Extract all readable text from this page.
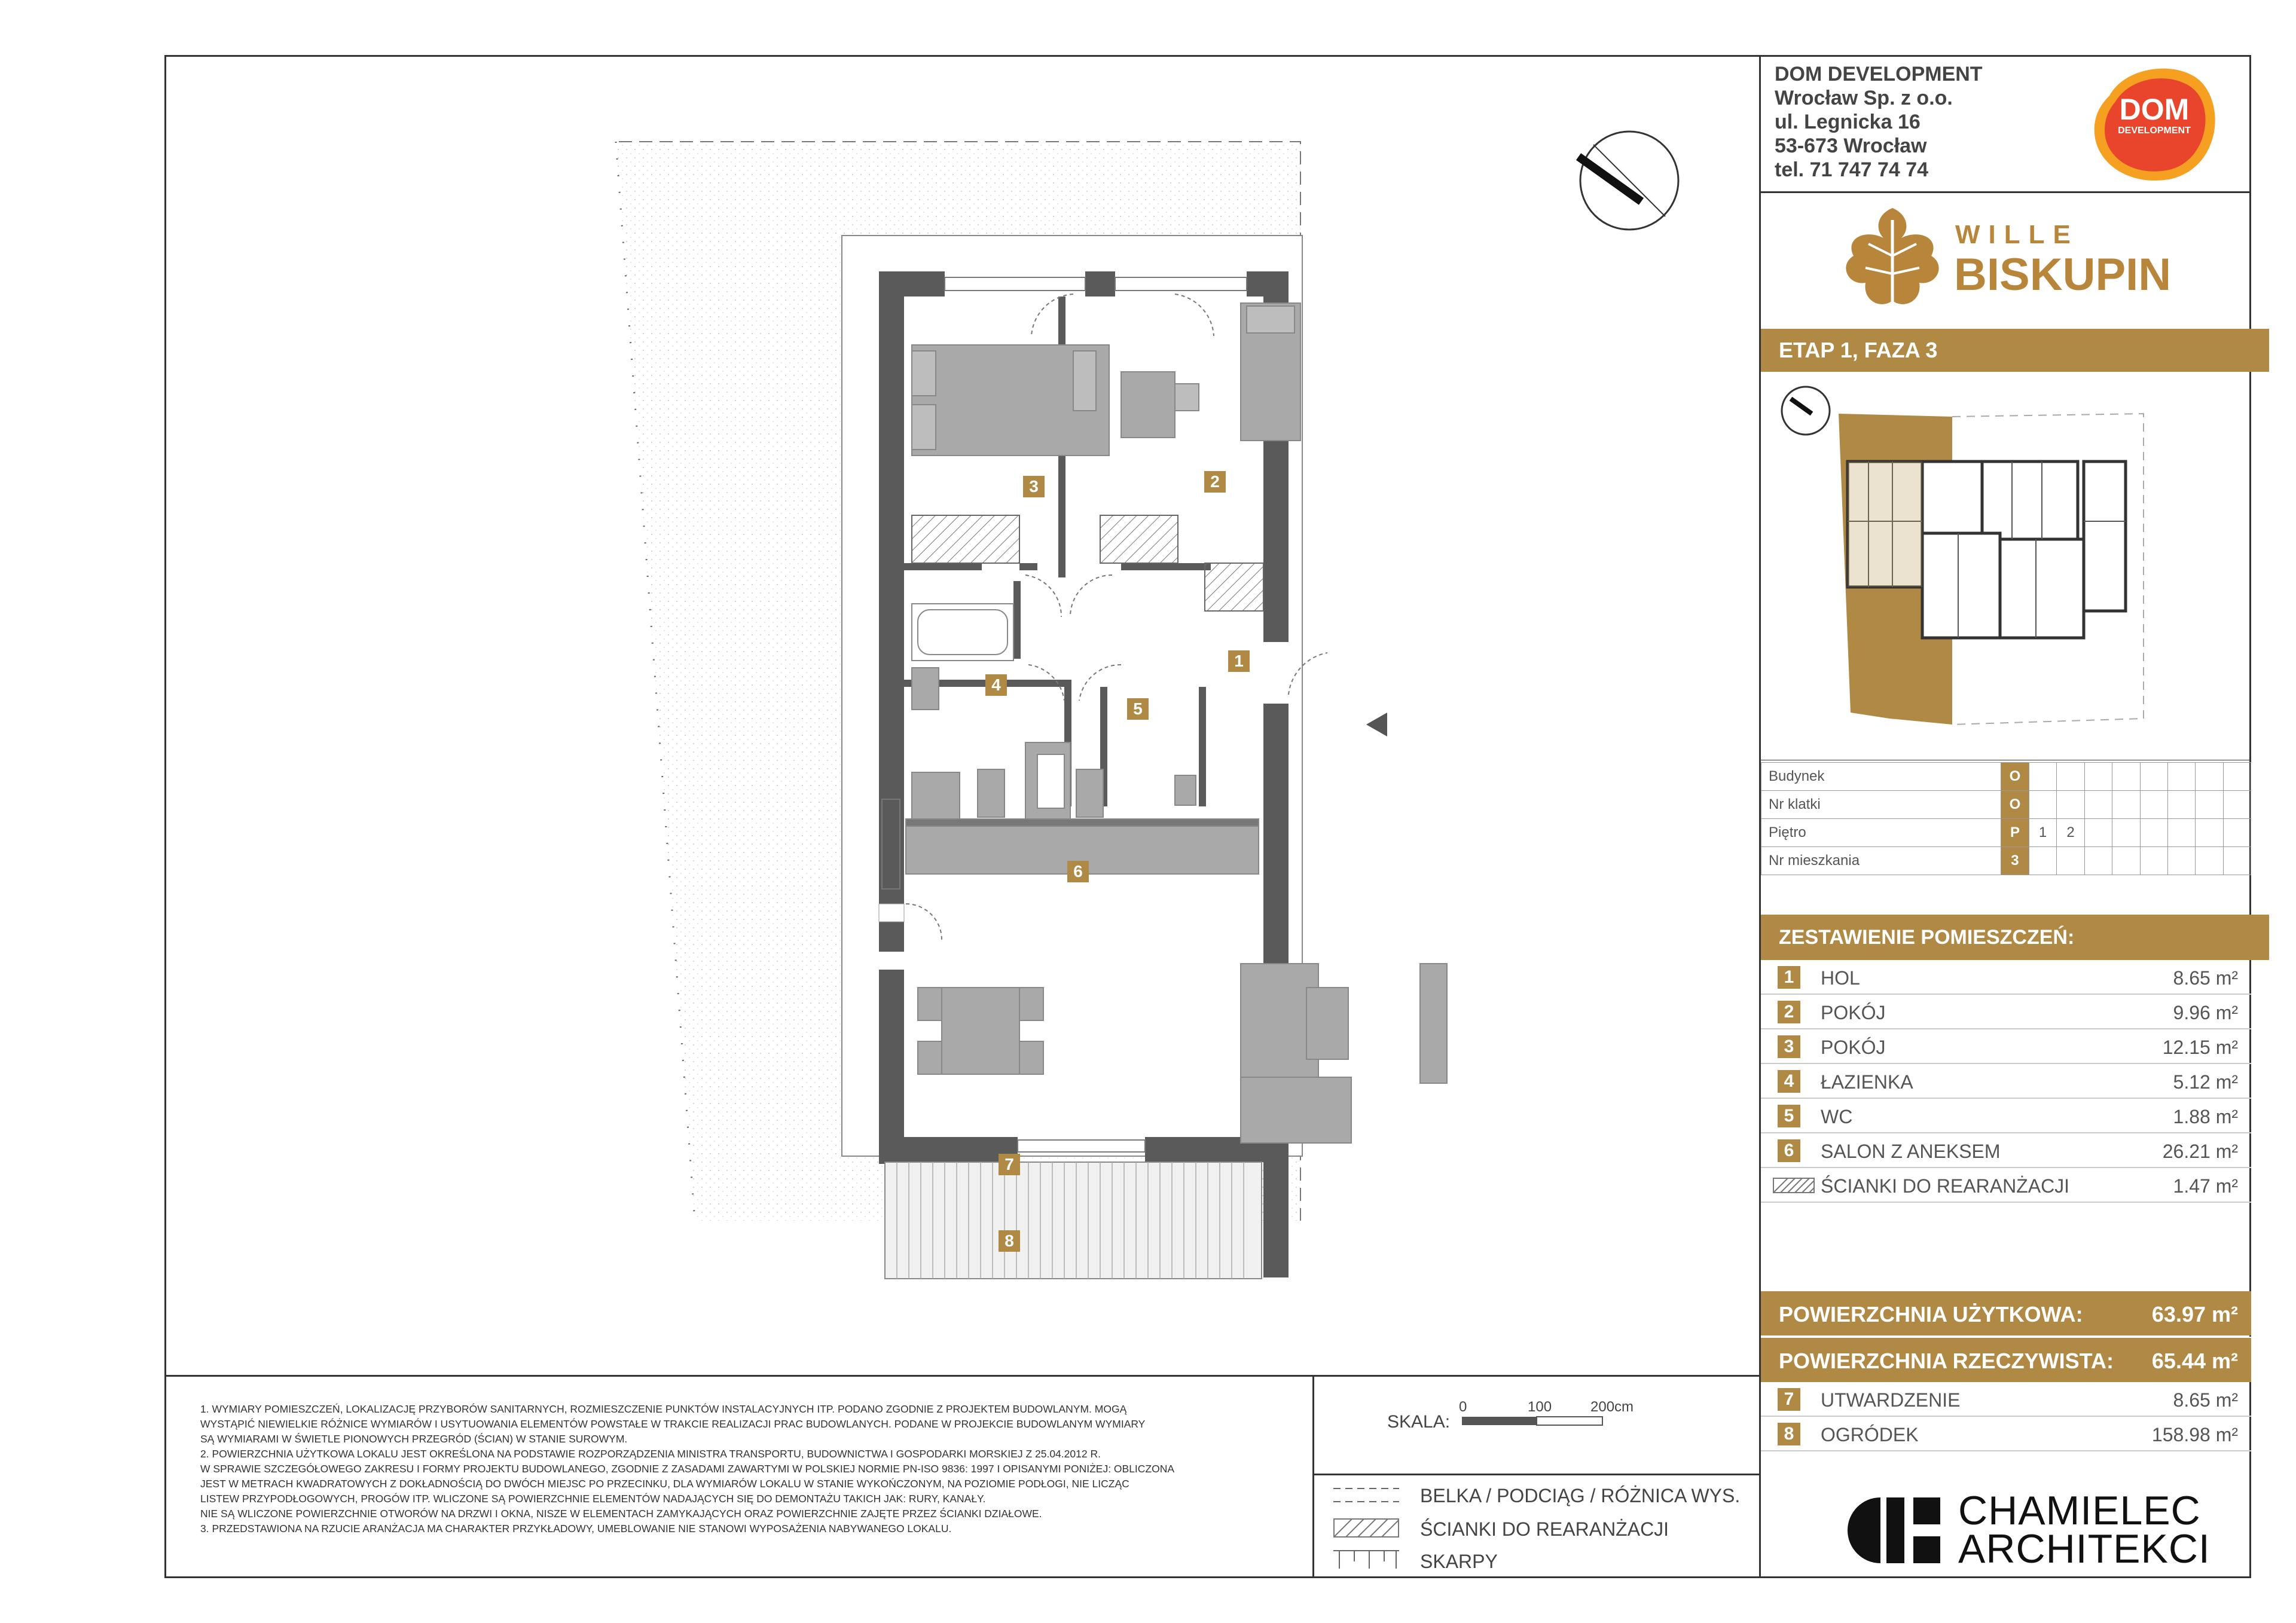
3	2
1
4
5
6
7
8
DOM DEVELOPMENT
Wrocław Sp. z o.o.
ul. Legnicka 16
53-673 Wrocław
tel. 71 747 74 74
DOM
DEVELOPMENT
WILLE
BISKUPIN
ETAP 1, FAZA 3
Budynek	O								
Nr klatki	O								
Piętro	P	1	2						
Nr mieszkania	3								
ZESTAWIENIE POMIESZCZEŃ:
1	HOL	8.65 m²
2	POKÓJ	9.96 m²
3	POKÓJ	12.15 m²
4	ŁAZIENKA	5.12 m²
5	WC	1.88 m²
6	SALON Z ANEKSEM	26.21 m²
ŚCIANKI DO REARANŻACJI	1.47 m²
POWIERZCHNIA UŻYTKOWA:	63.97 m²
POWIERZCHNIA RZECZYWISTA: 65.44 m²
7	UTWARDZENIE	8.65 m²
8	OGRÓDEK	158.98 m²
1. WYMIARY POMIESZCZEŃ, LOKALIZACJĘ PRZYBORÓW SANITARNYCH, ROZMIESZCZENIE PUNKTÓW INSTALACYJNYCH ITP. PODANO ZGODNIE Z PROJEKTEM BUDOWLANYM. MOGĄ
WYSTĄPIĆ NIEWIELKIE RÓŻNICE WYMIARÓW I USYTUOWANIA ELEMENTÓW POWSTAŁE W TRAKCIE REALIZACJI PRAC BUDOWLANYCH. PODANE W PROJEKCIE BUDOWLANYM WYMIARY
SĄ WYMIARAMI W ŚWIETLE PIONOWYCH PRZEGRÓD (ŚCIAN) W STANIE SUROWYM.
2. POWIERZCHNIA UŻYTKOWA LOKALU JEST OKREŚLONA NA PODSTAWIE ROZPORZĄDZENIA MINISTRA TRANSPORTU, BUDOWNICTWA I GOSPODARKI MORSKIEJ Z 25.04.2012 R.
W SPRAWIE SZCZEGÓŁOWEGO ZAKRESU I FORMY PROJEKTU BUDOWLANEGO, ZGODNIE Z ZASADAMI ZAWARTYMI W POLSKIEJ NORMIE PN-ISO 9836: 1997 I OPISANYMI PONIŻEJ: OBLICZONA
JEST W METRACH KWADRATOWYCH Z DOKŁADNOŚCIĄ DO DWÓCH MIEJSC PO PRZECINKU, DLA WYMIARÓW LOKALU W STANIE WYKOŃCZONYM, NA POZIOMIE PODŁOGI, NIE LICZĄC
LISTEW PRZYPODŁOGOWYCH, PROGÓW ITP. WLICZONE SĄ POWIERZCHNIE ELEMENTÓW NADAJĄCYCH SIĘ DO DEMONTAŻU TAKICH JAK: RURY, KANAŁY.
NIE SĄ WLICZONE POWIERZCHNIE OTWORÓW NA DRZWI I OKNA, NISZE W ELEMENTACH ZAMYKAJĄCYCH ORAZ POWIERZCHNIE ZAJĘTE PRZEZ ŚCIANKI DZIAŁOWE.
3. PRZEDSTAWIONA NA RZUCIE ARANŻACJA MA CHARAKTER PRZYKŁADOWY, UMEBLOWANIE NIE STANOWI WYPOSAŻENIA NABYWANEGO LOKALU.
SKALA:
0	100	200cm
BELKA / PODCIĄG / RÓŻNICA WYS.
ŚCIANKI DO REARANŻACJI
SKARPY
CHAMIELEC
ARCHITEKCI
